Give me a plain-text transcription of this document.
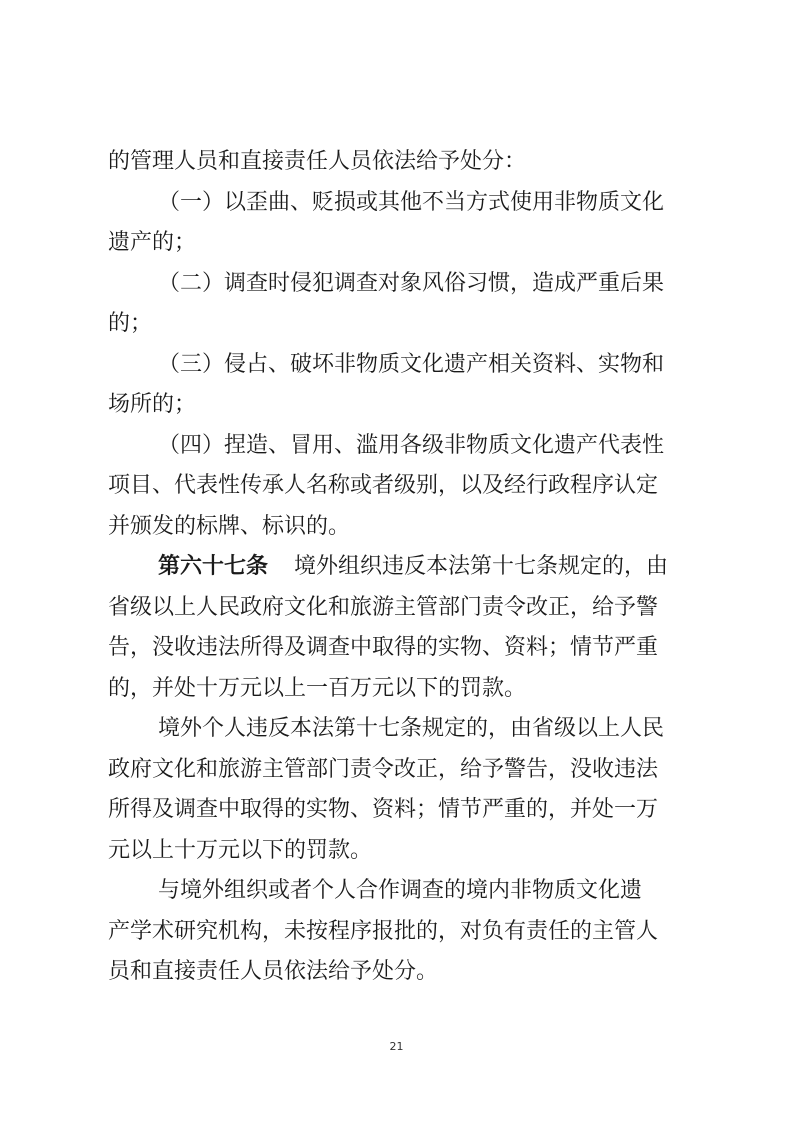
的管理人员和直接责任人员依法给予处分：
（一）以歪曲、贬损或其他不当方式使用非物质文化
遗产的；
（二）调查时侵犯调查对象风俗习惯，造成严重后果
的；
（三）侵占、破坏非物质文化遗产相关资料、实物和
场所的；
（四）捏造、冒用、滥用各级非物质文化遗产代表性
项目、代表性传承人名称或者级别，以及经行政程序认定
并颁发的标牌、标识的。
第六十七条 境外组织违反本法第十七条规定的，由
省级以上人民政府文化和旅游主管部门责令改正，给予警
告，没收违法所得及调查中取得的实物、资料；情节严重
的，并处十万元以上一百万元以下的罚款。
境外个人违反本法第十七条规定的，由省级以上人民
政府文化和旅游主管部门责令改正，给予警告，没收违法
所得及调查中取得的实物、资料；情节严重的，并处一万
元以上十万元以下的罚款。
与境外组织或者个人合作调查的境内非物质文化遗
产学术研究机构，未按程序报批的，对负有责任的主管人
员和直接责任人员依法给予处分。
21
